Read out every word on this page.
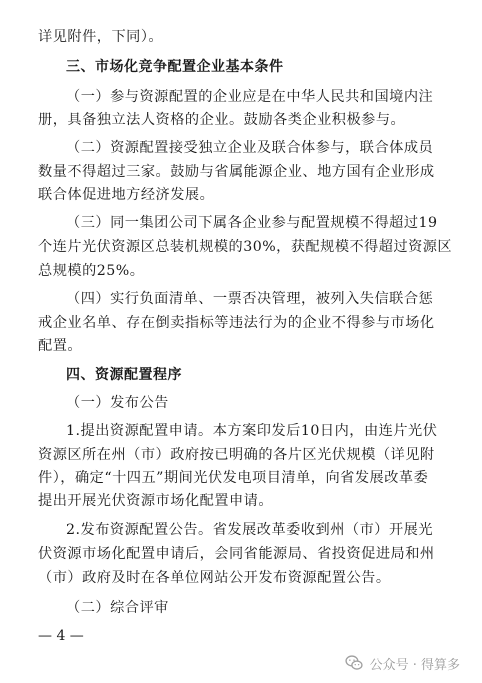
详见附件，下同）。
三、市场化竞争配置企业基本条件
（一）参与资源配置的企业应是在中华人民共和国境内注
册，具备独立法人资格的企业。鼓励各类企业积极参与。
（二）资源配置接受独立企业及联合体参与，联合体成员
数量不得超过三家。鼓励与省属能源企业、地方国有企业形成
联合体促进地方经济发展。
（三）同一集团公司下属各企业参与配置规模不得超过19
个连片光伏资源区总装机规模的30%，获配规模不得超过资源区
总规模的25%。
（四）实行负面清单、一票否决管理，被列入失信联合惩
戒企业名单、存在倒卖指标等违法行为的企业不得参与市场化
配置。
四、资源配置程序
（一）发布公告
1.提出资源配置申请。本方案印发后10日内，由连片光伏
资源区所在州（市）政府按已明确的各片区光伏规模（详见附
件），确定“十四五”期间光伏发电项目清单，向省发展改革委
提出开展光伏资源市场化配置申请。
2.发布资源配置公告。省发展改革委收到州（市）开展光
伏资源市场化配置申请后，会同省能源局、省投资促进局和州
（市）政府及时在各单位网站公开发布资源配置公告。
（二）综合评审
— 4 —
公众号 · 得算多
